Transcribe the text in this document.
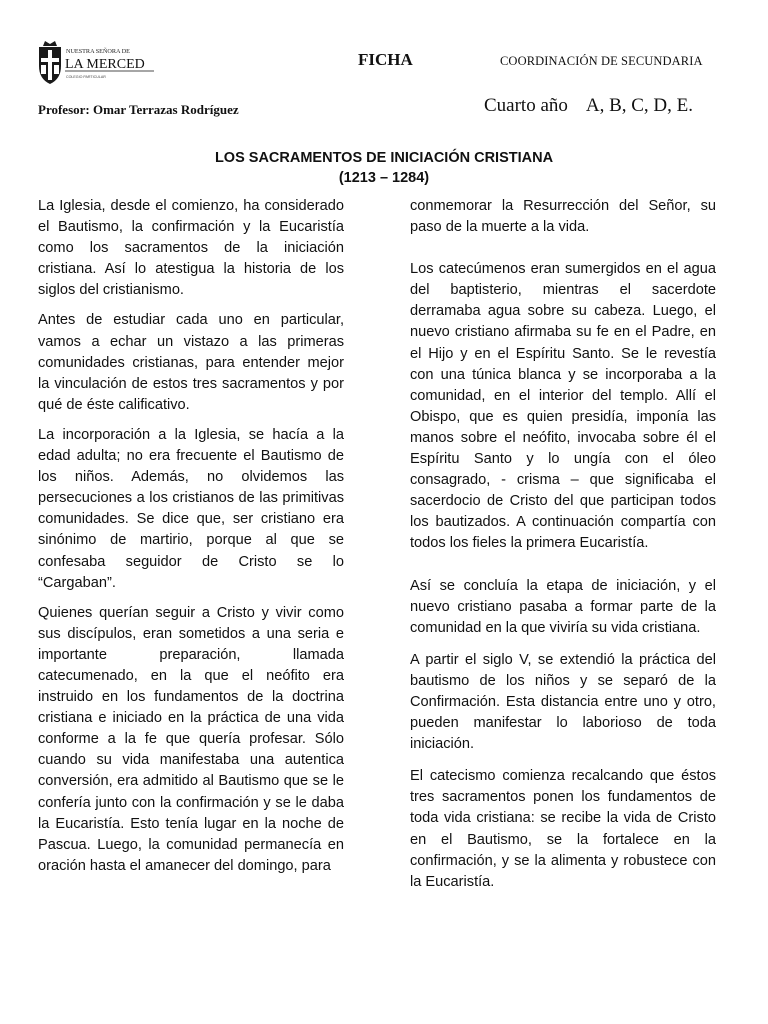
NUESTRA SEÑORA DE
LA MERCED
COLEGIO PARTICULAR
FICHA	COORDINACIÓN DE SECUNDARIA
Profesor: Omar Terrazas Rodríguez	Cuarto año    A, B, C, D, E.
LOS SACRAMENTOS DE INICIACIÓN CRISTIANA
(1213 – 1284)

La Iglesia, desde el comienzo, ha considerado el Bautismo, la confirmación y la Eucaristía como los sacramentos de la iniciación cristiana. Así lo atestigua la historia de los siglos del cristianismo.

Antes de estudiar cada uno en particular, vamos a echar un vistazo a las primeras comunidades cristianas, para entender mejor la vinculación de estos tres sacramentos y por qué de éste calificativo.

La incorporación a la Iglesia, se hacía a la edad adulta; no era frecuente el Bautismo de los niños. Además, no olvidemos las persecuciones a los cristianos de las primitivas comunidades. Se dice que, ser cristiano era sinónimo de martirio, porque al que se confesaba seguidor de Cristo se lo “Cargaban”.

Quienes querían seguir a Cristo y vivir como sus discípulos, eran sometidos a una seria e importante preparación, llamada catecumenado, en la que el neófito era instruido en los fundamentos de la doctrina cristiana e iniciado en la práctica de una vida conforme a la fe que quería profesar. Sólo cuando su vida manifestaba una autentica conversión, era admitido al Bautismo que se le confería junto con la confirmación y se le daba la Eucaristía. Esto tenía lugar en la noche de Pascua. Luego, la comunidad permanecía en oración hasta el amanecer del domingo, para

conmemorar la Resurrección del Señor, su paso de la muerte a la vida.

Los catecúmenos eran sumergidos en el agua del baptisterio, mientras el sacerdote derramaba agua sobre su cabeza. Luego, el nuevo cristiano afirmaba su fe en el Padre, en el Hijo y en el Espíritu Santo. Se le revestía con una túnica blanca y se incorporaba a la comunidad, en el interior del templo. Allí el Obispo, que es quien presidía, imponía las manos sobre el neófito, invocaba sobre él el Espíritu Santo y lo ungía con el óleo consagrado, - crisma – que significaba el sacerdocio de Cristo del que participan todos los bautizados. A continuación compartía con todos los fieles la primera Eucaristía.

Así se concluía la etapa de iniciación, y el nuevo cristiano pasaba a formar parte de la comunidad en la que viviría su vida cristiana.

A partir el siglo V, se extendió la práctica del bautismo de los niños y se separó de la Confirmación. Esta distancia entre uno y otro, pueden manifestar lo laborioso de toda iniciación.

El catecismo comienza recalcando que éstos tres sacramentos ponen los fundamentos de toda vida cristiana: se recibe la vida de Cristo en el Bautismo, se la fortalece en la confirmación, y se la alimenta y robustece con la Eucaristía.
